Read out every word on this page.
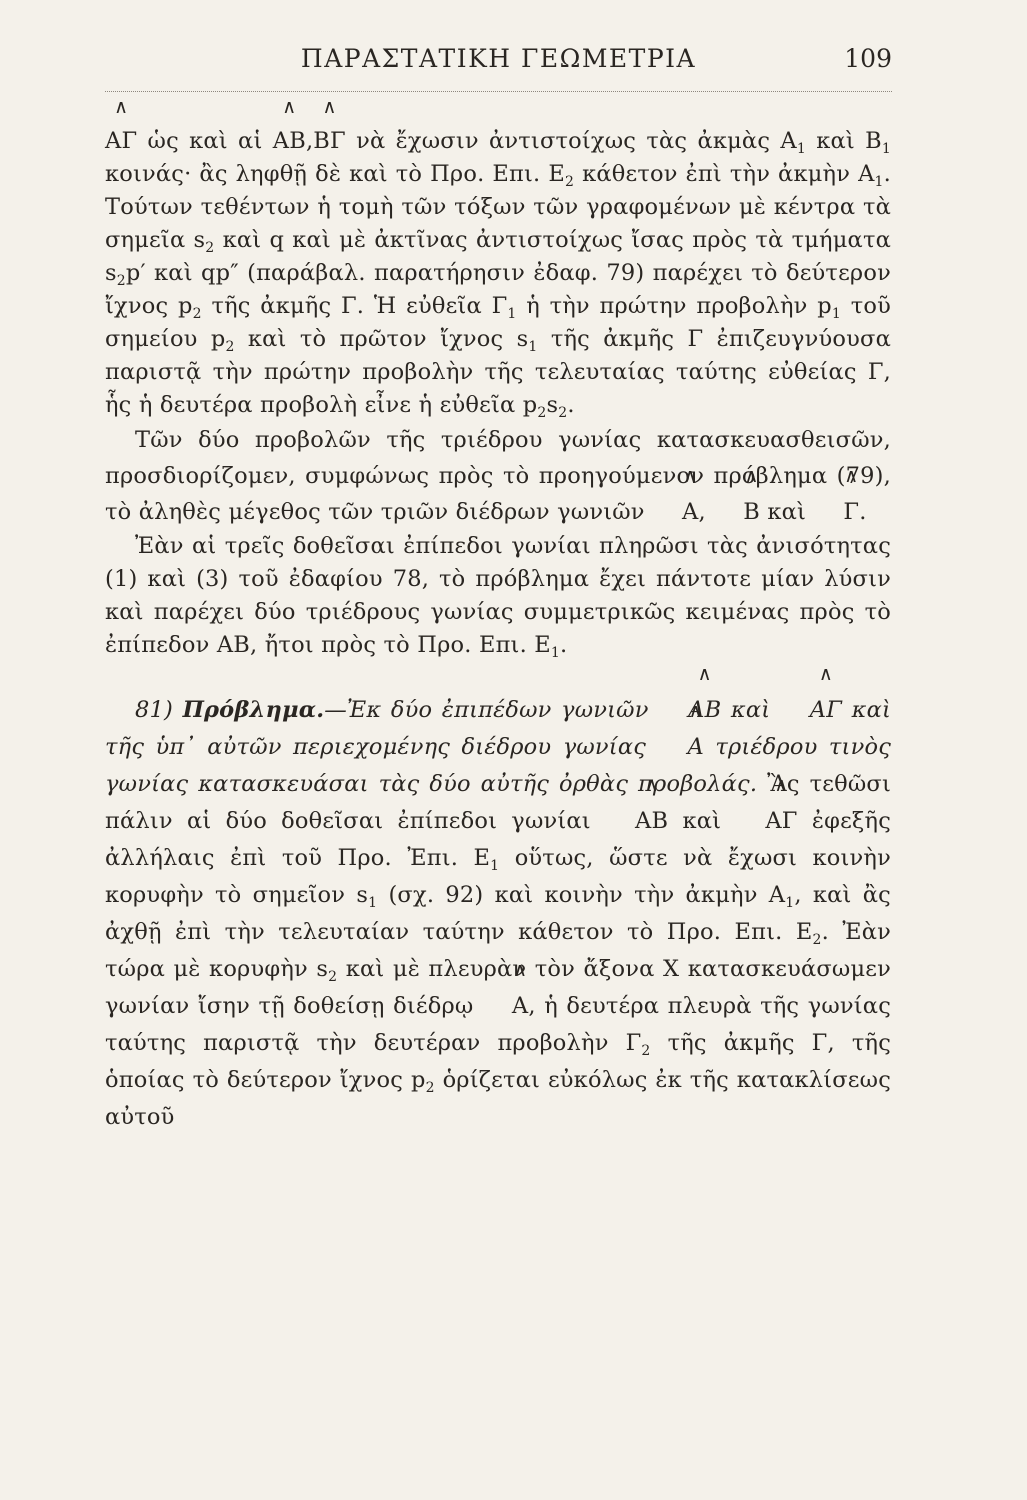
ΠΑΡΑΣΤΑΤΙΚΗ ΓΕΩΜΕΤΡΙΑ	109

∧ ΑΓ ὡς καὶ αἱ ∧ ΑΒ,∧ ΒΓ νὰ ἔχωσιν ἀντιστοίχως τὰς ἀκμὰς $A_1$ καὶ $B_1$ κοινάς· ἂς ληφθῇ δὲ καὶ τὸ Προ. Επι. $E_2$ κάθετον ἐπὶ τὴν ἀκμὴν $A_1$. Τούτων τεθέντων ἡ τομὴ τῶν τόξων τῶν γραφομένων μὲ κέντρα τὰ σημεῖα $s_2$ καὶ q καὶ μὲ ἀκτῖνας ἀντιστοίχως ἴσας πρὸς τὰ τμήματα $s_2p'$ καὶ qp″ (παράβαλ. παρατήρησιν ἐδαφ. 79) παρέχει τὸ δεύτερον ἴχνος $p_2$ τῆς ἀκμῆς Γ. Ἡ εὐθεῖα $\Gamma_1$ ἡ τὴν πρώτην προβολὴν $p_1$ τοῦ σημείου $p_2$ καὶ τὸ πρῶτον ἴχνος $s_1$ τῆς ἀκμῆς Γ ἐπιζευγνύουσα παριστᾷ τὴν πρώτην προβολὴν τῆς τελευταίας ταύτης εὐθείας Γ, ἧς ἡ δευτέρα προβολὴ εἶνε ἡ εὐθεῖα $p_2s_2$.

Τῶν δύο προβολῶν τῆς τριέδρου γωνίας κατασκευασθεισῶν, προσδιορίζομεν, συμφώνως πρὸς τὸ προηγούμενον πρόβλημα (79), τὸ ἀληθὲς μέγεθος τῶν τριῶν διέδρων γωνιῶν ∧ Α, ∧ Β καὶ ∧ Γ.

Ἐὰν αἱ τρεῖς δοθεῖσαι ἐπίπεδοι γωνίαι πληρῶσι τὰς ἀνισότητας (1) καὶ (3) τοῦ ἐδαφίου 78, τὸ πρόβλημα ἔχει πάντοτε μίαν λύσιν καὶ παρέχει δύο τριέδρους γωνίας συμμετρικῶς κειμένας πρὸς τὸ ἐπίπεδον ΑΒ, ἤτοι πρὸς τὸ Προ. Επι. $E_1$.

81) Πρόβλημα.—Ἐκ δύο ἐπιπέδων γωνιῶν ∧ ΑΒ καὶ ∧ ΑΓ καὶ τῆς ὑπ᾽ αὐτῶν περιεχομένης διέδρου γωνίας ∧ Α τριέδρου τινὸς γωνίας κατασκευάσαι τὰς δύο αὐτῆς ὀρθὰς προβολάς. Ἂς τεθῶσι πάλιν αἱ δύο δοθεῖσαι ἐπίπεδοι γωνίαι ∧ ΑΒ καὶ ∧ ΑΓ ἐφεξῆς ἀλλήλαις ἐπὶ τοῦ Προ. Ἐπι. $E_1$ οὕτως, ὥστε νὰ ἔχωσι κοινὴν κορυφὴν τὸ σημεῖον $s_1$ (σχ. 92) καὶ κοινὴν τὴν ἀκμὴν $A_1$, καὶ ἂς ἀχθῇ ἐπὶ τὴν τελευταίαν ταύτην κάθετον τὸ Προ. Επι. $E_2$. Ἐὰν τώρα μὲ κορυφὴν $s_2$ καὶ μὲ πλευρὰν τὸν ἄξονα Χ κατασκευάσωμεν γωνίαν ἴσην τῇ δοθείσῃ διέδρῳ ∧ Α, ἡ δευτέρα πλευρὰ τῆς γωνίας ταύτης παριστᾷ τὴν δευτέραν προβολὴν $\Gamma_2$ τῆς ἀκμῆς Γ, τῆς ὁποίας τὸ δεύτερον ἴχνος $p_2$ ὁρίζεται εὐκόλως ἐκ τῆς κατακλίσεως αὐτοῦ
